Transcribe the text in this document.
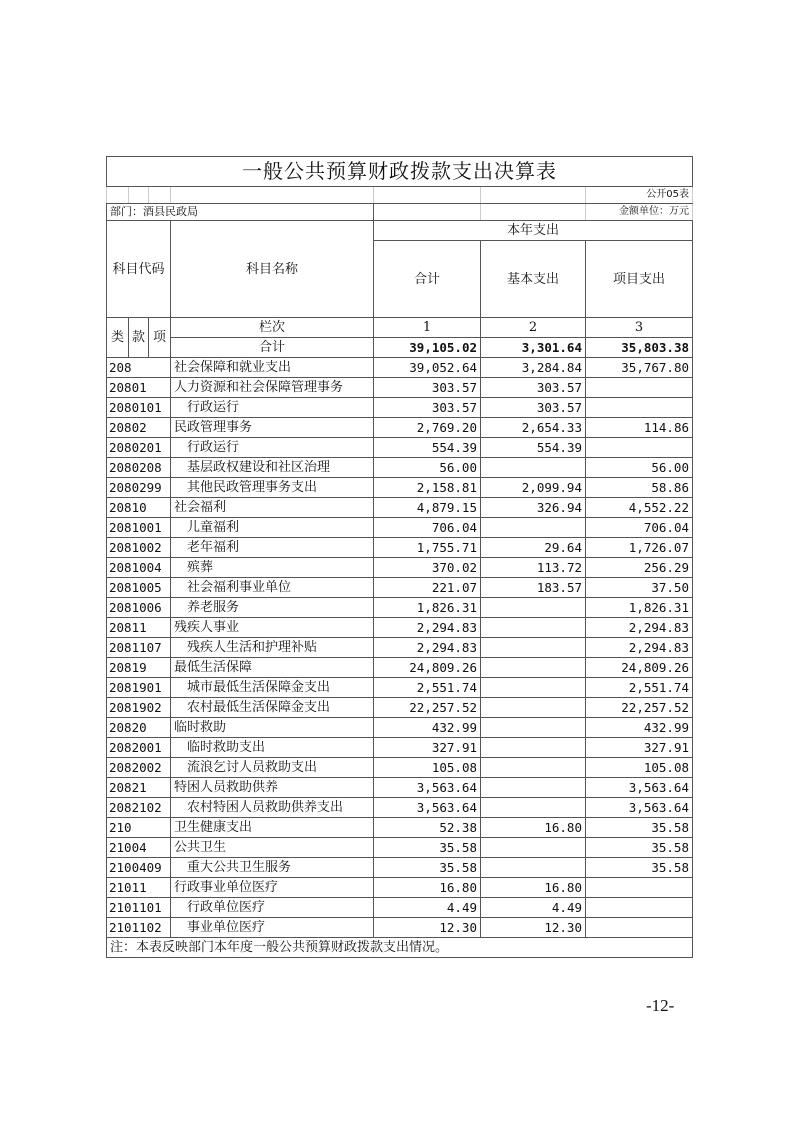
一般公共预算财政拨款支出决算表						
						公开05表
部门：酒县民政局						金额单位：万元
科目代码			科目名称	本年支出		
				合计	基本支出	项目支出
类	款	项	栏次	1	2	3
			合计	39,105.02	3,301.64	35,803.38
208			社会保障和就业支出	39,052.64	3,284.84	35,767.80
20801			人力资源和社会保障管理事务	303.57	303.57	
2080101			行政运行	303.57	303.57	
20802			民政管理事务	2,769.20	2,654.33	114.86
2080201			行政运行	554.39	554.39	
2080208			基层政权建设和社区治理	56.00		56.00
2080299			其他民政管理事务支出	2,158.81	2,099.94	58.86
20810			社会福利	4,879.15	326.94	4,552.22
2081001			儿童福利	706.04		706.04
2081002			老年福利	1,755.71	29.64	1,726.07
2081004			殡葬	370.02	113.72	256.29
2081005			社会福利事业单位	221.07	183.57	37.50
2081006			养老服务	1,826.31		1,826.31
20811			残疾人事业	2,294.83		2,294.83
2081107			残疾人生活和护理补贴	2,294.83		2,294.83
20819			最低生活保障	24,809.26		24,809.26
2081901			城市最低生活保障金支出	2,551.74		2,551.74
2081902			农村最低生活保障金支出	22,257.52		22,257.52
20820			临时救助	432.99		432.99
2082001			临时救助支出	327.91		327.91
2082002			流浪乞讨人员救助支出	105.08		105.08
20821			特困人员救助供养	3,563.64		3,563.64
2082102			农村特困人员救助供养支出	3,563.64		3,563.64
210			卫生健康支出	52.38	16.80	35.58
21004			公共卫生	35.58		35.58
2100409			重大公共卫生服务	35.58		35.58
21011			行政事业单位医疗	16.80	16.80	
2101101			行政单位医疗	4.49	4.49	
2101102			事业单位医疗	12.30	12.30	
注：本表反映部门本年度一般公共预算财政拨款支出情况。						
-12-
